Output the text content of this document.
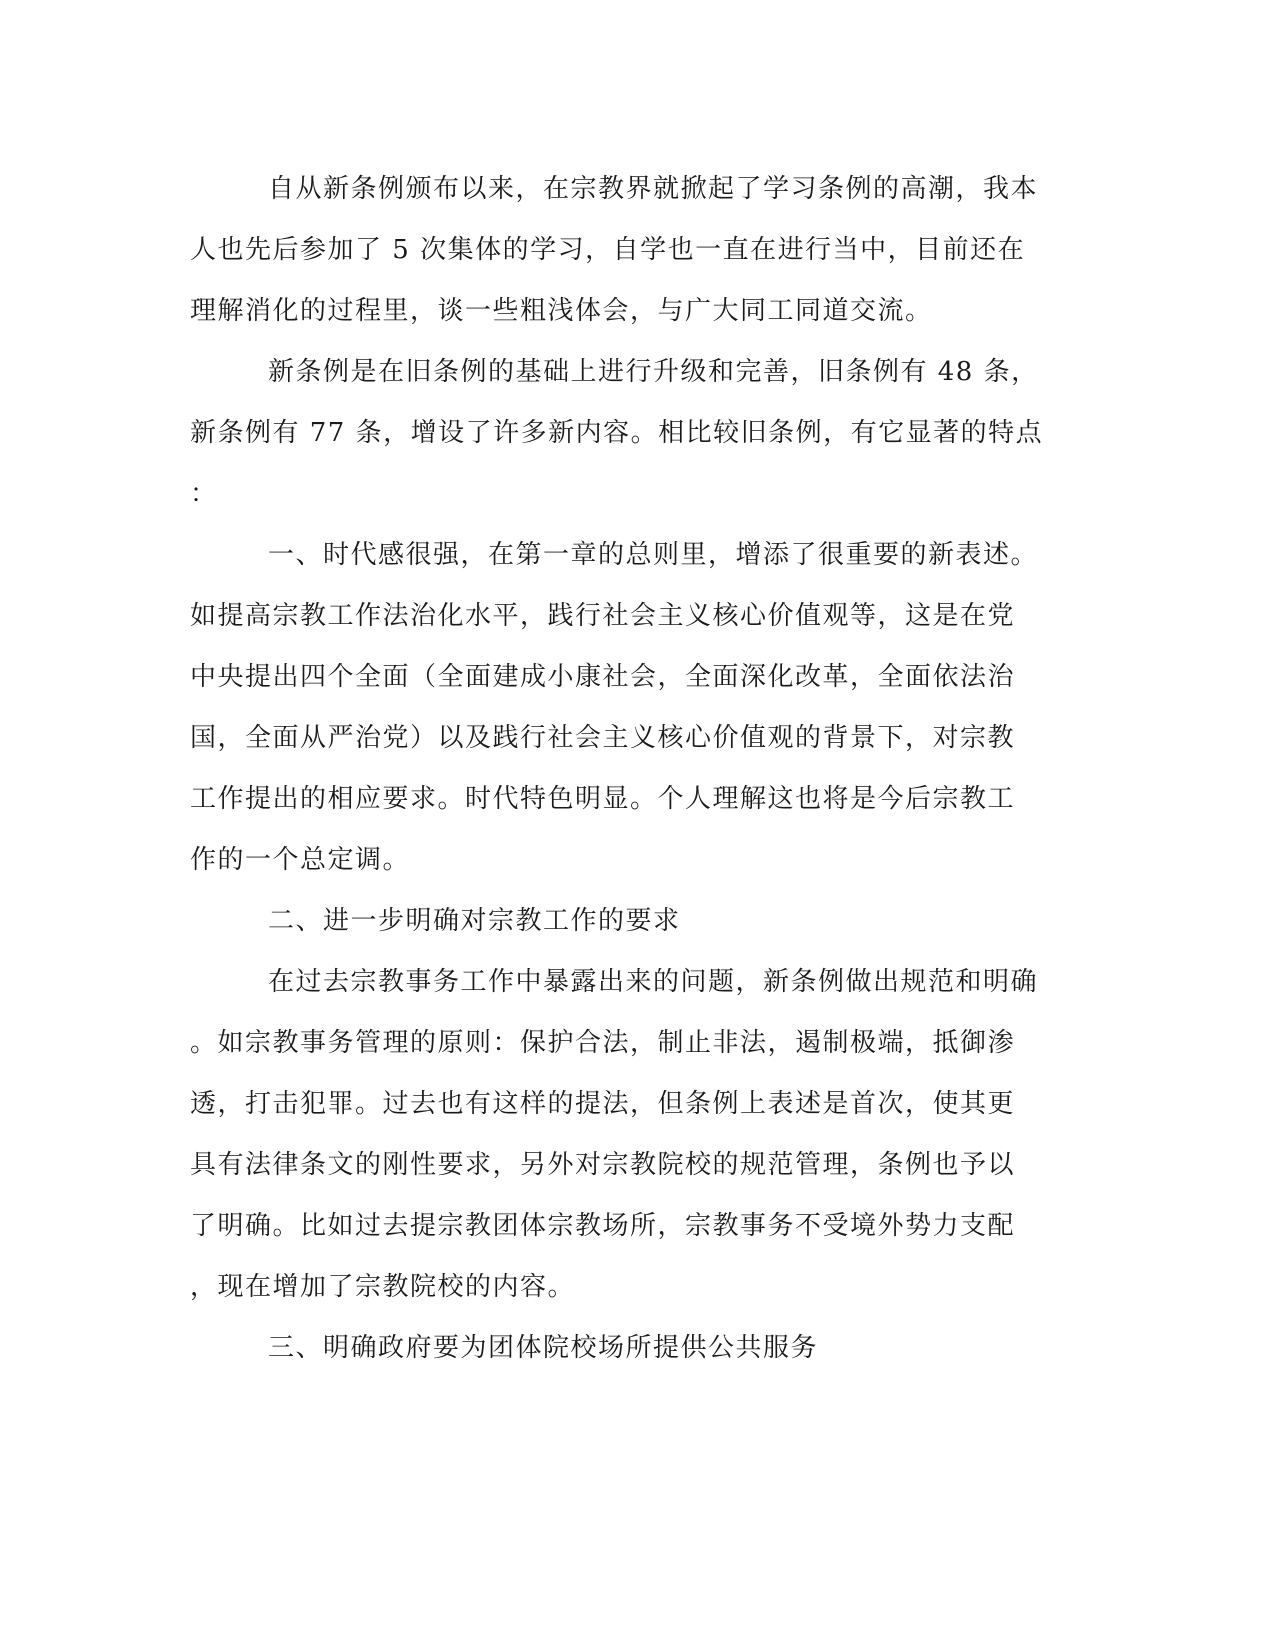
自从新条例颁布以来，在宗教界就掀起了学习条例的高潮，我本
人也先后参加了 5 次集体的学习，自学也一直在进行当中，目前还在
理解消化的过程里，谈一些粗浅体会，与广大同工同道交流。
新条例是在旧条例的基础上进行升级和完善，旧条例有 48 条，
新条例有 77 条，增设了许多新内容。相比较旧条例，有它显著的特点
：
一、时代感很强，在第一章的总则里，增添了很重要的新表述。
如提高宗教工作法治化水平，践行社会主义核心价值观等，这是在党
中央提出四个全面（全面建成小康社会，全面深化改革，全面依法治
国，全面从严治党）以及践行社会主义核心价值观的背景下，对宗教
工作提出的相应要求。时代特色明显。个人理解这也将是今后宗教工
作的一个总定调。
二、进一步明确对宗教工作的要求
在过去宗教事务工作中暴露出来的问题，新条例做出规范和明确
。如宗教事务管理的原则：保护合法，制止非法，遏制极端，抵御渗
透，打击犯罪。过去也有这样的提法，但条例上表述是首次，使其更
具有法律条文的刚性要求，另外对宗教院校的规范管理，条例也予以
了明确。比如过去提宗教团体宗教场所，宗教事务不受境外势力支配
，现在增加了宗教院校的内容。
三、明确政府要为团体院校场所提供公共服务
